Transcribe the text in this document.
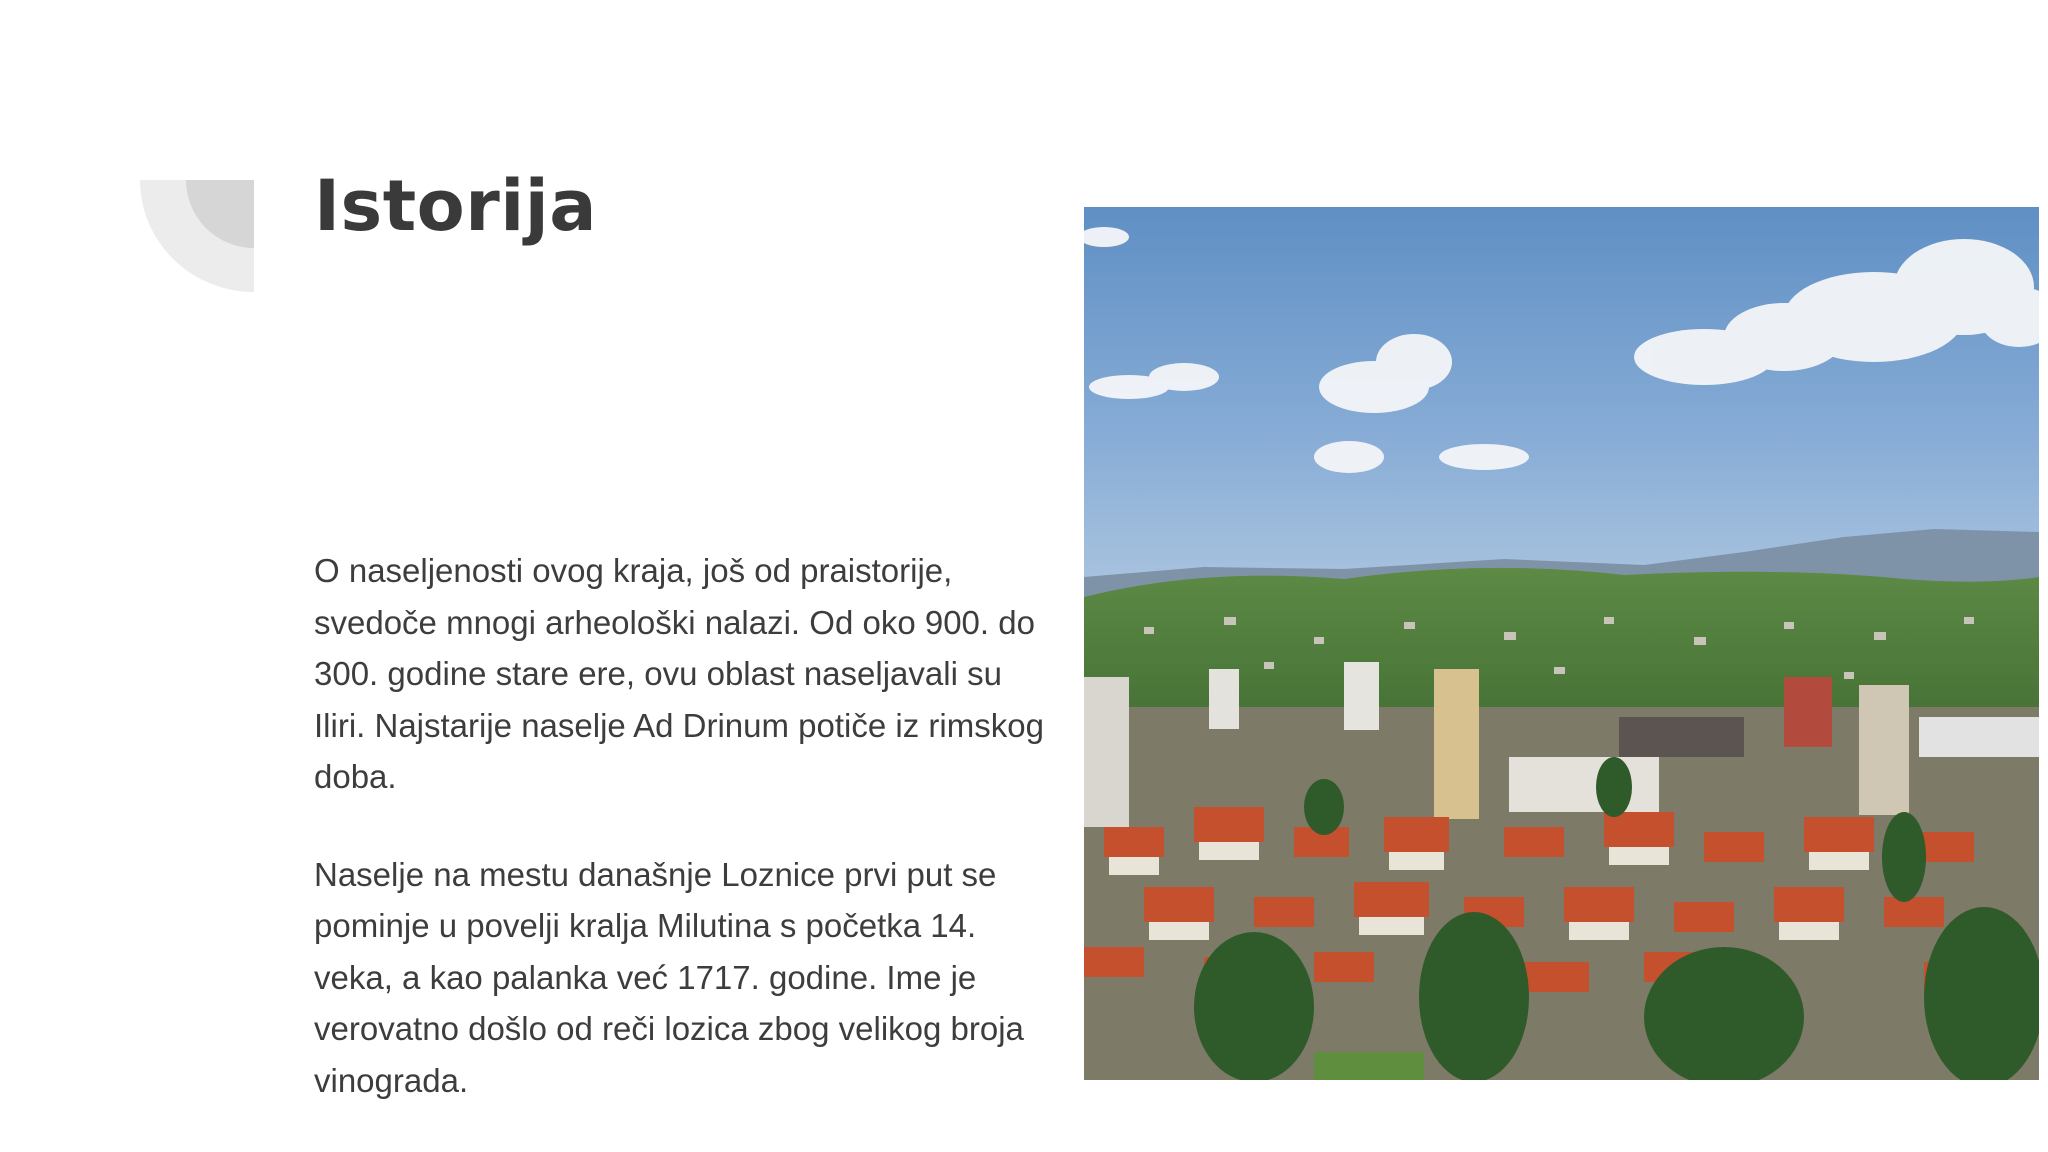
Istorija

O naseljenosti ovog kraja, još od praistorije, svedoče mnogi arheološki nalazi. Od oko 900. do 300. godine stare ere, ovu oblast naseljavali su Iliri. Najstarije naselje Ad Drinum potiče iz rimskog doba.

Naselje na mestu današnje Loznice prvi put se pominje u povelji kralja Milutina s početka 14. veka, a kao palanka već 1717. godine. Ime je verovatno došlo od reči lozica zbog velikog broja vinograda.
